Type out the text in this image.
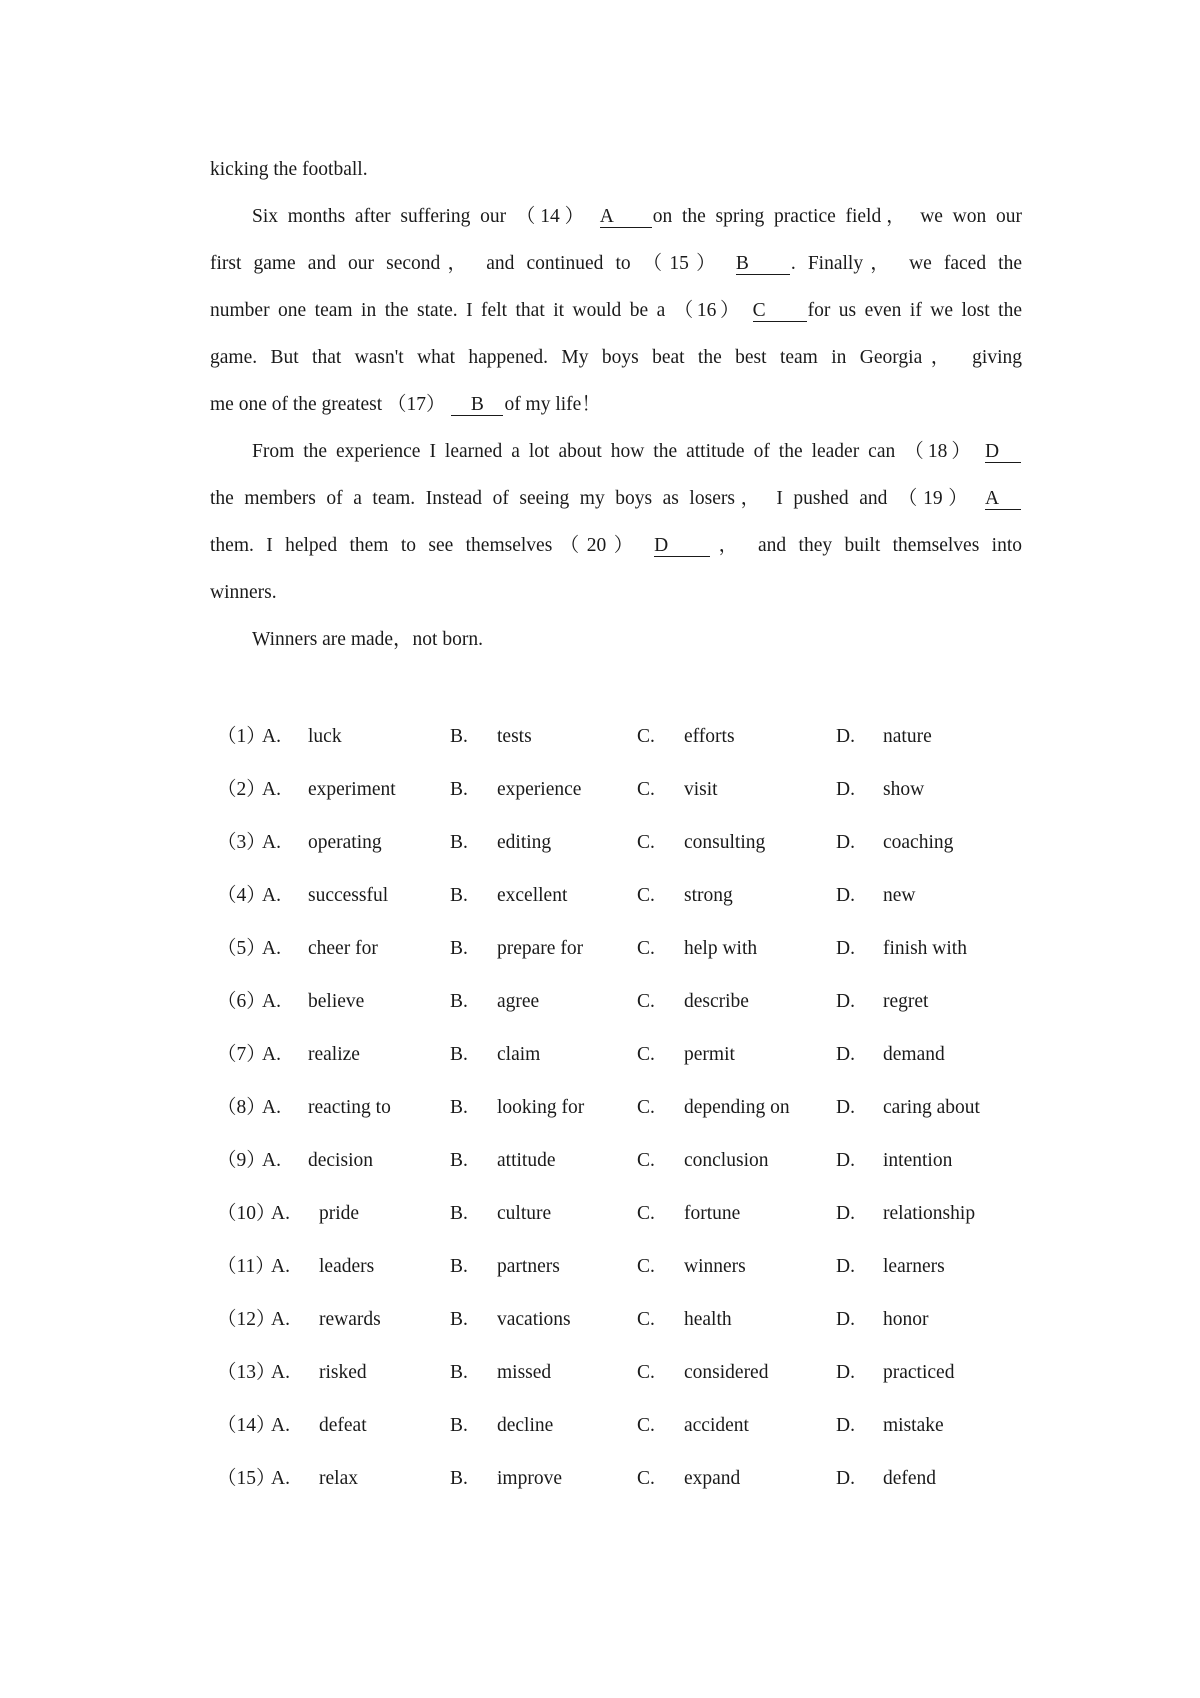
kicking the football.
Six months after suffering our （14） A on the spring practice field， we won our
first game and our second， and continued to （15） B . Finally， we faced the
number one team in the state. I felt that it would be a （16） C for us even if we lost the
game. But that wasn't what happened. My boys beat the best team in Georgia， giving
me one of the greatest （17） B of my life！
From the experience I learned a lot about how the attitude of the leader can （18） D
the members of a team. Instead of seeing my boys as losers， I pushed and （19） A
them. I helped them to see themselves（20） D ， and they built themselves into
winners.
Winners are made，not born.
（1）
A. luck	B. tests	C. efforts	D. nature
（2）
A. experiment	B. experience	C. visit	D. show
（3）
A. operating	B. editing	C. consulting	D. coaching
（4）
A. successful	B. excellent	C. strong	D. new
（5）
A. cheer for	B. prepare for	C. help with	D. finish with
（6）
A. believe	B. agree	C. describe	D. regret
（7）
A. realize	B. claim	C. permit	D. demand
（8）
A. reacting to	B. looking for	C. depending on D. caring about
（9）
A. decision	B. attitude	C. conclusion	D. intention
（10）
A. pride	B. culture	C. fortune	D. relationship
（11）
A. leaders	B. partners	C. winners	D. learners
（12）
A. rewards	B. vacations	C. health	D. honor
（13）
A. risked	B. missed	C. considered	D. practiced
（14）
A. defeat	B. decline	C. accident	D. mistake
（15）
A. relax	B. improve	C. expand	D. defend
